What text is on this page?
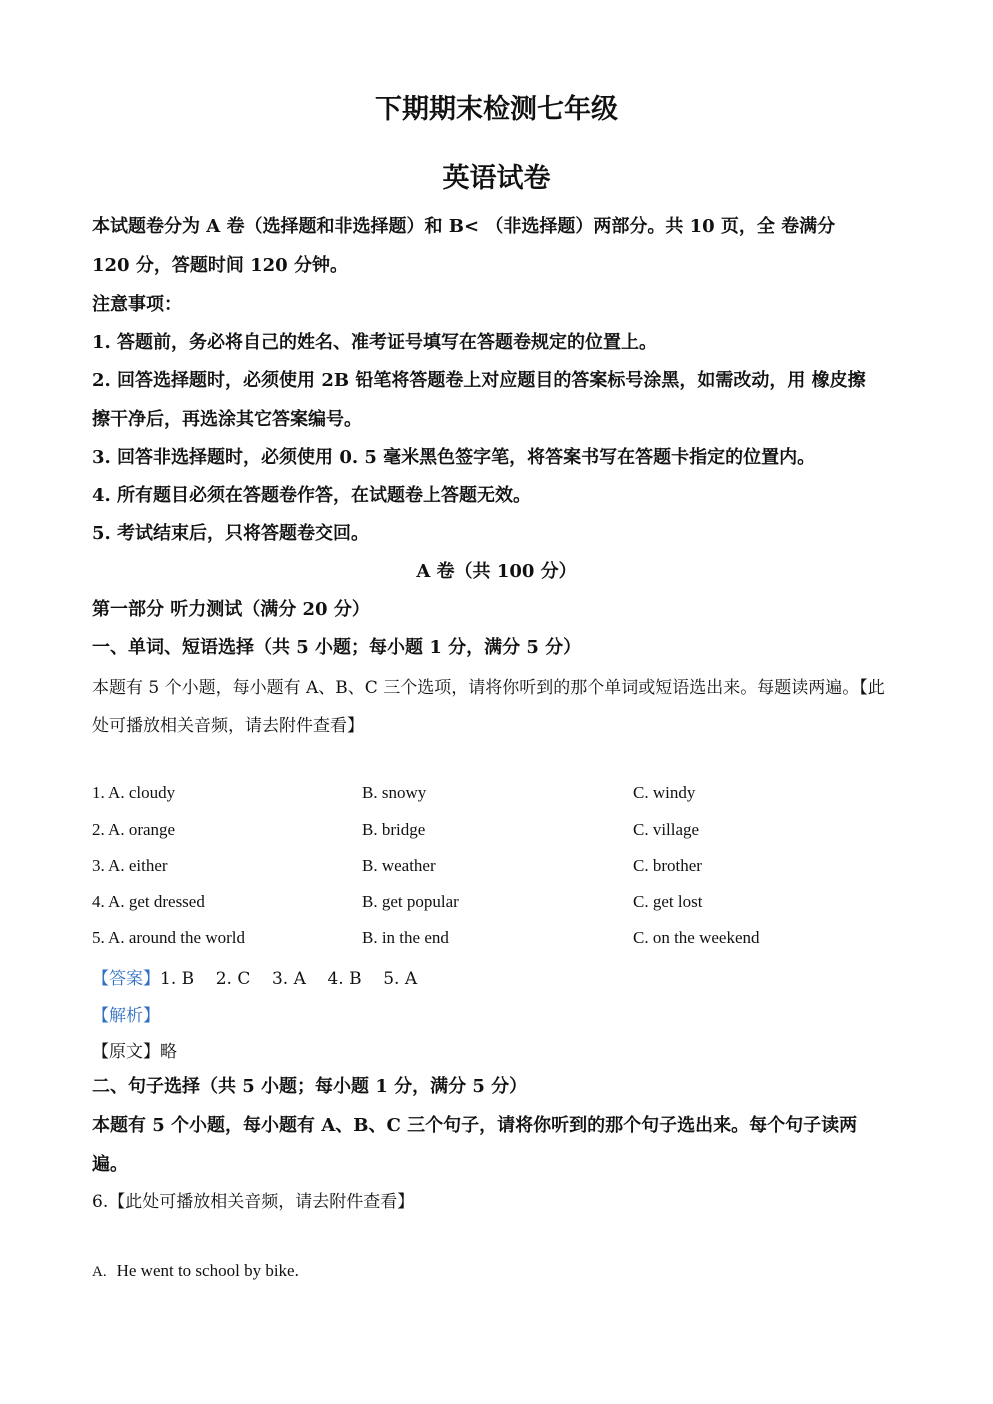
下期期末检测七年级
英语试卷
本试题卷分为 A 卷（选择题和非选择题）和 B< （非选择题）两部分。共 10 页，全 卷满分
120 分，答题时间 120 分钟。
注意事项：
1. 答题前，务必将自己的姓名、准考证号填写在答题卷规定的位置上。
2. 回答选择题时，必须使用 2B 铅笔将答题卷上对应题目的答案标号涂黑，如需改动，用 橡皮擦
擦干净后，再选涂其它答案编号。
3. 回答非选择题时，必须使用 0. 5 毫米黑色签字笔，将答案书写在答题卡指定的位置内。
4. 所有题目必须在答题卷作答，在试题卷上答题无效。
5. 考试结束后，只将答题卷交回。
A 卷（共 100 分）
第一部分 听力测试（满分 20 分）
一、单词、短语选择（共 5 小题；每小题 1 分，满分 5 分）
本题有 5 个小题，每小题有 A、B、C 三个选项，请将你听到的那个单词或短语选出来。每题读两遍。【此
处可播放相关音频，请去附件查看】
1. A. cloudy	B. snowy	C. windy
2. A. orange	B. bridge	C. village
3. A. either	B. weather	C. brother
4. A. get dressed	B. get popular	C. get lost
5. A. around the world	B. in the end	C. on the weekend
【答案】1. B    2. C    3. A    4. B    5. A
【解析】
【原文】略
二、句子选择（共 5 小题；每小题 1 分，满分 5 分）
本题有 5 个小题，每小题有 A、B、C 三个句子，请将你听到的那个句子选出来。每个句子读两
遍。
6.【此处可播放相关音频，请去附件查看】
A. He went to school by bike.
